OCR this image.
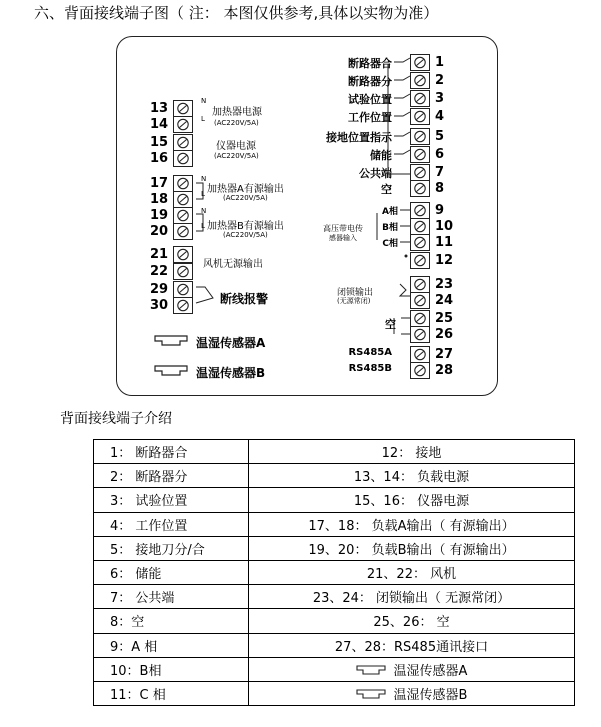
六、背面接线端子图（ 注： 本图仅供参考,具体以实物为准）
13
14
15
16
17
18
19
20
21
22
29
30
N
L
加热器电源
(AC220V/5A)
仪器电源
(AC220V/5A)
N
L 加热器A有源输出
(AC220V/5A)
N
L 加热器B有源输出
(AC220V/5A)
风机无源输出
断线报警
1
断路器合
2
断路器分
3
试验位置
4
工作位置
5
接地位置指示
6
储能
7
公共端
8
空
9
A相
10
B相
11
C相
12
23
24
25
26
27
RS485A
28
RS485B
高压带电传
感器输入
闭锁输出
(无源常闭)
空
温湿传感器A
温湿传感器B
背面接线端子介绍
1： 断路器合	12： 接地
2： 断路器分	13、14： 负载电源
3： 试验位置	15、16： 仪器电源
4： 工作位置	17、18： 负载A输出（ 有源输出）
5： 接地刀分/合	19、20： 负载B输出（ 有源输出）
6： 储能	21、22： 风机
7： 公共端	23、24： 闭锁输出（ 无源常闭）
8：空	25、26： 空
9：A 相	27、28：RS485通讯接口
10：B相	温湿传感器A

11：C 相	温湿传感器B
